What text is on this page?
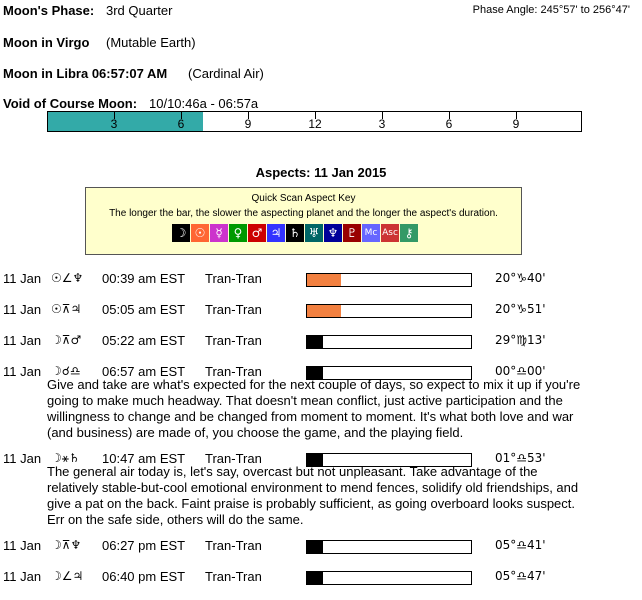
Moon's Phase: 3rd Quarter	Phase Angle: 245°57' to 256°47'
Moon in Virgo (Mutable Earth)
Moon in Libra 06:57:07 AM (Cardinal Air)
Void of Course Moon: 10/10:46a - 06:57a
3	6	9	12	3	6	9
Aspects: 11 Jan 2015
Quick Scan Aspect Key
The longer the bar, the slower the aspecting planet and the longer the aspect's duration.
☽ ☉ ☿ ♀ ♂ ♃ ♄ ♅ ♆ ♇ Mc Asc ⚷
11 Jan ☉∠♆ 00:39 am EST Tran-Tran	20°♑40'
11 Jan ☉⊼♃ 05:05 am EST Tran-Tran	20°♑51'
11 Jan ☽⊼♂ 05:22 am EST Tran-Tran	29°♍13'
11 Jan ☽☌♎ 06:57 am EST Tran-Tran	00°♎00'
Give and take are what's expected for the next couple of days, so expect to mix it up if you're
going to make much headway. That doesn't mean conflict, just active participation and the
willingness to change and be changed from moment to moment. It's what both love and war
(and business) are made of, you choose the game, and the playing field.
11 Jan ☽⚹♄ 10:47 am EST Tran-Tran	01°♎53'
The general air today is, let's say, overcast but not unpleasant. Take advantage of the
relatively stable-but-cool emotional environment to mend fences, solidify old friendships, and
give a pat on the back. Faint praise is probably sufficient, as going overboard looks suspect.
Err on the safe side, others will do the same.
11 Jan ☽⊼♆ 06:27 pm EST Tran-Tran	05°♎41'
11 Jan ☽∠♃ 06:40 pm EST Tran-Tran	05°♎47'
